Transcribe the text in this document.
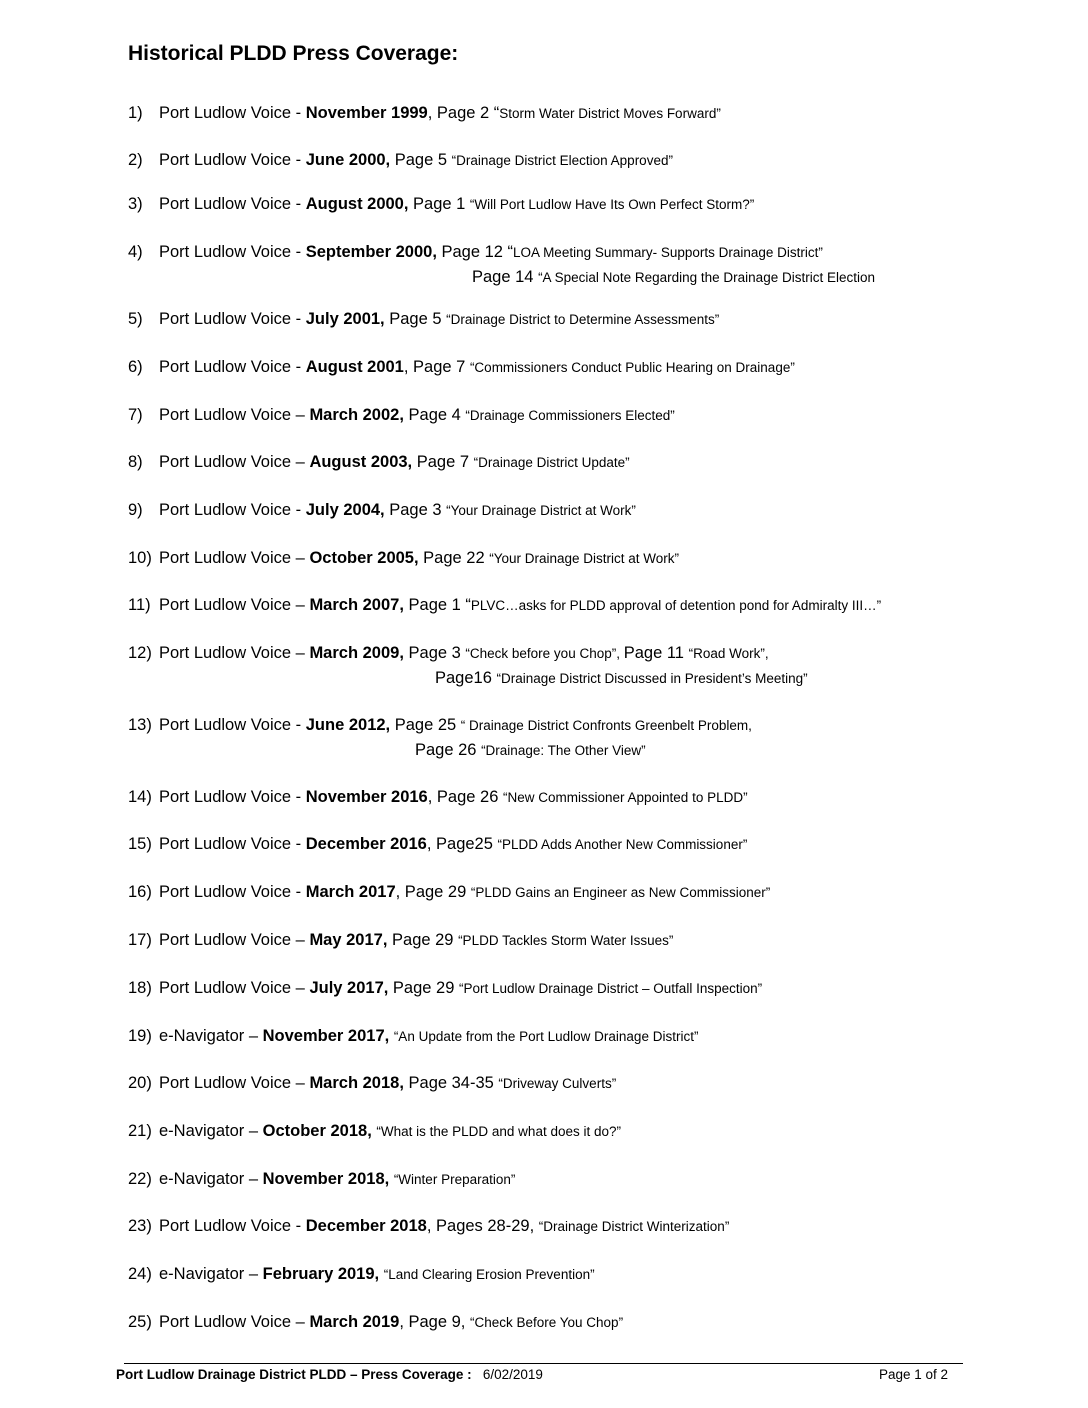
Historical PLDD Press Coverage:
1) Port Ludlow Voice - November 1999, Page 2 “Storm Water District Moves Forward”
2) Port Ludlow Voice - June 2000, Page 5 “Drainage District Election Approved”
3) Port Ludlow Voice - August 2000, Page 1 “Will Port Ludlow Have Its Own Perfect Storm?”
4) Port Ludlow Voice - September 2000, Page 12 “LOA Meeting Summary- Supports Drainage District”
Page 14 “A Special Note Regarding the Drainage District Election
5) Port Ludlow Voice - July 2001, Page 5 “Drainage District to Determine Assessments”
6) Port Ludlow Voice - August 2001, Page 7 “Commissioners Conduct Public Hearing on Drainage”
7) Port Ludlow Voice – March 2002, Page 4 “Drainage Commissioners Elected”
8) Port Ludlow Voice – August 2003, Page 7 “Drainage District Update”
9) Port Ludlow Voice - July 2004, Page 3 “Your Drainage District at Work”
10) Port Ludlow Voice – October 2005, Page 22 “Your Drainage District at Work”
11) Port Ludlow Voice – March 2007, Page 1 “PLVC…asks for PLDD approval of detention pond for Admiralty III…”
12) Port Ludlow Voice – March 2009, Page 3 “Check before you Chop”, Page 11 “Road Work”,
Page16 “Drainage District Discussed in President’s Meeting”
13) Port Ludlow Voice - June 2012, Page 25 “ Drainage District Confronts Greenbelt Problem,
Page 26 “Drainage: The Other View”
14) Port Ludlow Voice - November 2016, Page 26 “New Commissioner Appointed to PLDD”
15) Port Ludlow Voice - December 2016, Page25 “PLDD Adds Another New Commissioner”
16) Port Ludlow Voice - March 2017, Page 29 “PLDD Gains an Engineer as New Commissioner”
17) Port Ludlow Voice – May 2017, Page 29 “PLDD Tackles Storm Water Issues”
18) Port Ludlow Voice – July 2017, Page 29 “Port Ludlow Drainage District – Outfall Inspection”
19) e-Navigator – November 2017, “An Update from the Port Ludlow Drainage District”
20) Port Ludlow Voice – March 2018, Page 34-35 “Driveway Culverts”
21) e-Navigator – October 2018, “What is the PLDD and what does it do?”
22) e-Navigator – November 2018, “Winter Preparation”
23) Port Ludlow Voice - December 2018, Pages 28-29, “Drainage District Winterization”
24) e-Navigator – February 2019, “Land Clearing Erosion Prevention”
25) Port Ludlow Voice – March 2019, Page 9, “Check Before You Chop”
Port Ludlow Drainage District PLDD – Press Coverage : 6/02/2019	Page 1 of 2
